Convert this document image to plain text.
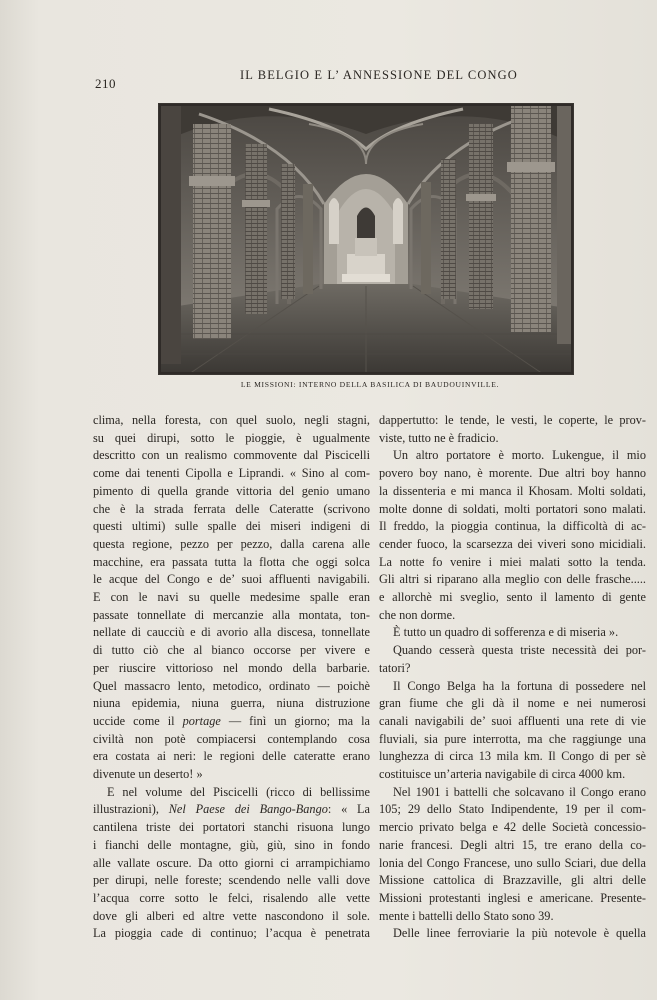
210
IL BELGIO E L’ ANNESSIONE DEL CONGO
LE MISSIONI: INTERNO DELLA BASILICA DI BAUDOUINVILLE.
clima, nella foresta, con quel suolo, negli stagni,
su quei dirupi, sotto le pioggie, è ugualmente
descritto con un realismo commovente dal Piscicelli
come dai tenenti Cipolla e Liprandi. « Sino al com-
pimento di quella grande vittoria del genio umano
che è la strada ferrata delle Cateratte (scrivono
questi ultimi) sulle spalle dei miseri indigeni di
questa regione, pezzo per pezzo, dalla carena alle
macchine, era passata tutta la flotta che oggi solca
le acque del Congo e de’ suoi affluenti navigabili.
E con le navi su quelle medesime spalle eran
passate tonnellate di mercanzie alla montata, ton-
nellate di caucciù e di avorio alla discesa, tonnellate
di tutto ciò che al bianco occorse per vivere e
per riuscire vittorioso nel mondo della barbarie.
Quel massacro lento, metodico, ordinato — poichè
niuna epidemia, niuna guerra, niuna distruzione
uccide come il portage — finì un giorno; ma la
civiltà non potè compiacersi contemplando cosa
era costata ai neri: le regioni delle cateratte erano
divenute un deserto! »
E nel volume del Piscicelli (ricco di bellissime
illustrazioni), Nel Paese dei Bango-Bango: « La
cantilena triste dei portatori stanchi risuona lungo
i fianchi delle montagne, giù, giù, sino in fondo
alle vallate oscure. Da otto giorni ci arrampichiamo
per dirupi, nelle foreste; scendendo nelle valli dove
l’acqua corre sotto le felci, risalendo alle vette
dove gli alberi ed altre vette nascondono il sole.
La pioggia cade di continuo; l’acqua è penetrata
dappertutto: le tende, le vesti, le coperte, le prov-
viste, tutto ne è fradicio.
Un altro portatore è morto. Lukengue, il mio
povero boy nano, è morente. Due altri boy hanno
la dissenteria e mi manca il Khosam. Molti soldati,
molte donne di soldati, molti portatori sono malati.
Il freddo, la pioggia continua, la difficoltà di ac-
cender fuoco, la scarsezza dei viveri sono micidiali.
La notte fo venire i miei malati sotto la tenda.
Gli altri si riparano alla meglio con delle frasche.....
e allorchè mi sveglio, sento il lamento di gente
che non dorme.
È tutto un quadro di sofferenza e di miseria ».
Quando cesserà questa triste necessità dei por-
tatori?
Il Congo Belga ha la fortuna di possedere nel
gran fiume che gli dà il nome e nei numerosi
canali navigabili de’ suoi affluenti una rete di vie
fluviali, sia pure interrotta, ma che raggiunge una
lunghezza di circa 13 mila km. Il Congo di per sè
costituisce un’arteria navigabile di circa 4000 km.
Nel 1901 i battelli che solcavano il Congo erano
105; 29 dello Stato Indipendente, 19 per il com-
mercio privato belga e 42 delle Società concessio-
narie francesi. Degli altri 15, tre erano della co-
lonia del Congo Francese, uno sullo Sciari, due della
Missione cattolica di Brazzaville, gli altri delle
Missioni protestanti inglesi e americane. Presente-
mente i battelli dello Stato sono 39.
Delle linee ferroviarie la più notevole è quella
